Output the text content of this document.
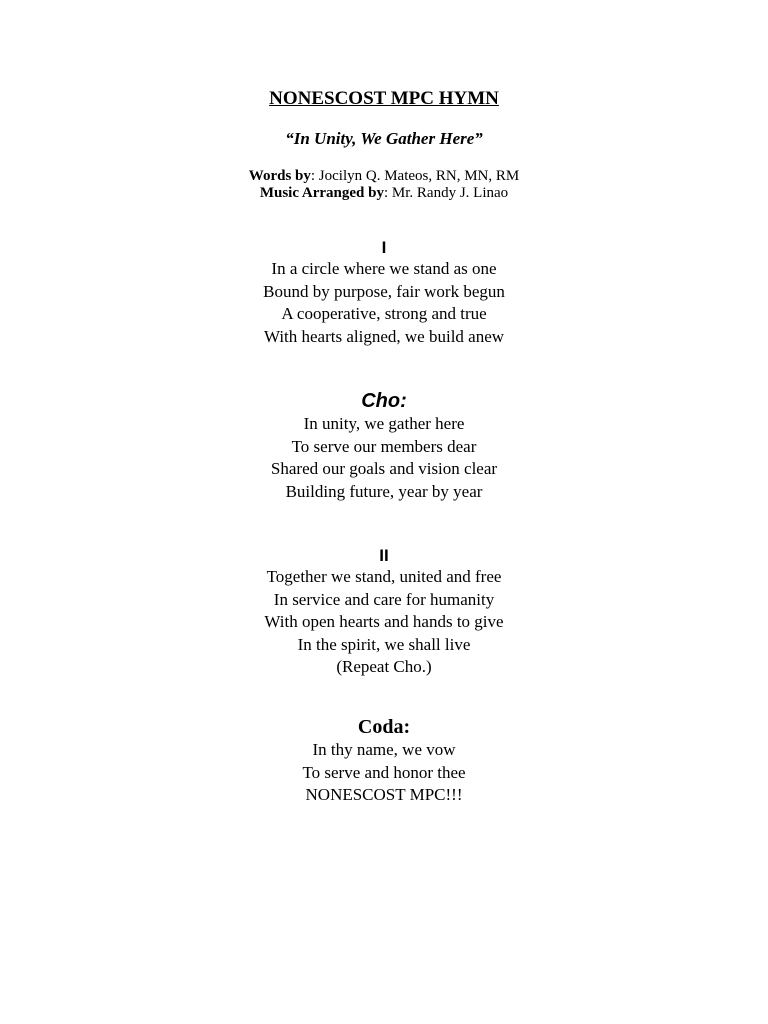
NONESCOST MPC HYMN
“In Unity, We Gather Here”
Words by: Jocilyn Q. Mateos, RN, MN, RM
Music Arranged by: Mr. Randy J. Linao
I
In a circle where we stand as one
Bound by purpose, fair work begun
A cooperative, strong and true
With hearts aligned, we build anew
Cho:
In unity, we gather here
To serve our members dear
Shared our goals and vision clear
Building future, year by year
II
Together we stand, united and free
In service and care for humanity
With open hearts and hands to give
In the spirit, we shall live
(Repeat Cho.)
Coda:
In thy name, we vow
To serve and honor thee
NONESCOST MPC!!!
